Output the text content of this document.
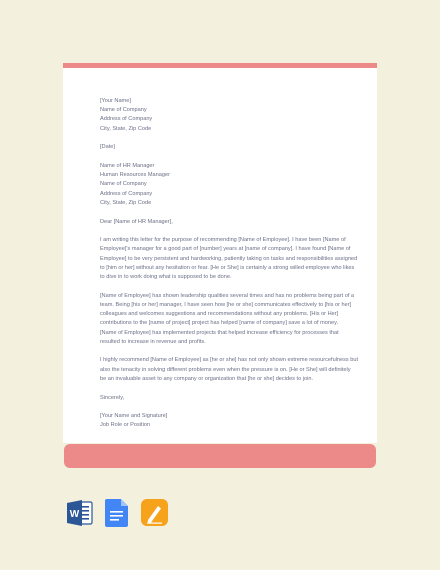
[Your Name]
Name of Company
Address of Company
City, State, Zip Code
[Date]
Name of HR Manager
Human Resources Manager
Name of Company
Address of Company
City, State, Zip Code
Dear [Name of HR Manager],
I am writing this letter for the purpose of recommending [Name of Employee]. I have been [Name of
Employee]'s manager for a good part of [number] years at [name of company]. I have found [Name of
Employee] to be very persistent and hardworking, patiently taking on tasks and responsibilities assigned
to [him or her] without any hesitation or fear. [He or She] is certainly a strong willed employee who likes
to dive in to work doing what is supposed to be done.
[Name of Employee] has shown leadership qualities several times and has no problems being part of a
team. Being [his or her] manager, I have seen how [he or she] communicates effectively to [his or her]
colleagues and welcomes suggestions and recommendations without any problems. [His or Her]
contributions to the [name of project] project has helped [name of company] save a lot of money.
[Name of Employee] has implemented projects that helped increase efficiency for processes that
resulted to increase in revenue and profits.
I highly recommend [Name of Employee] as [he or she] has not only shown extreme resourcefulness but
also the tenacity in solving different problems even when the pressure is on. [He or She] will definitely
be an invaluable asset to any company or organization that [he or she] decides to join.
Sincerely,
[Your Name and Signature]
Job Role or Position
W
